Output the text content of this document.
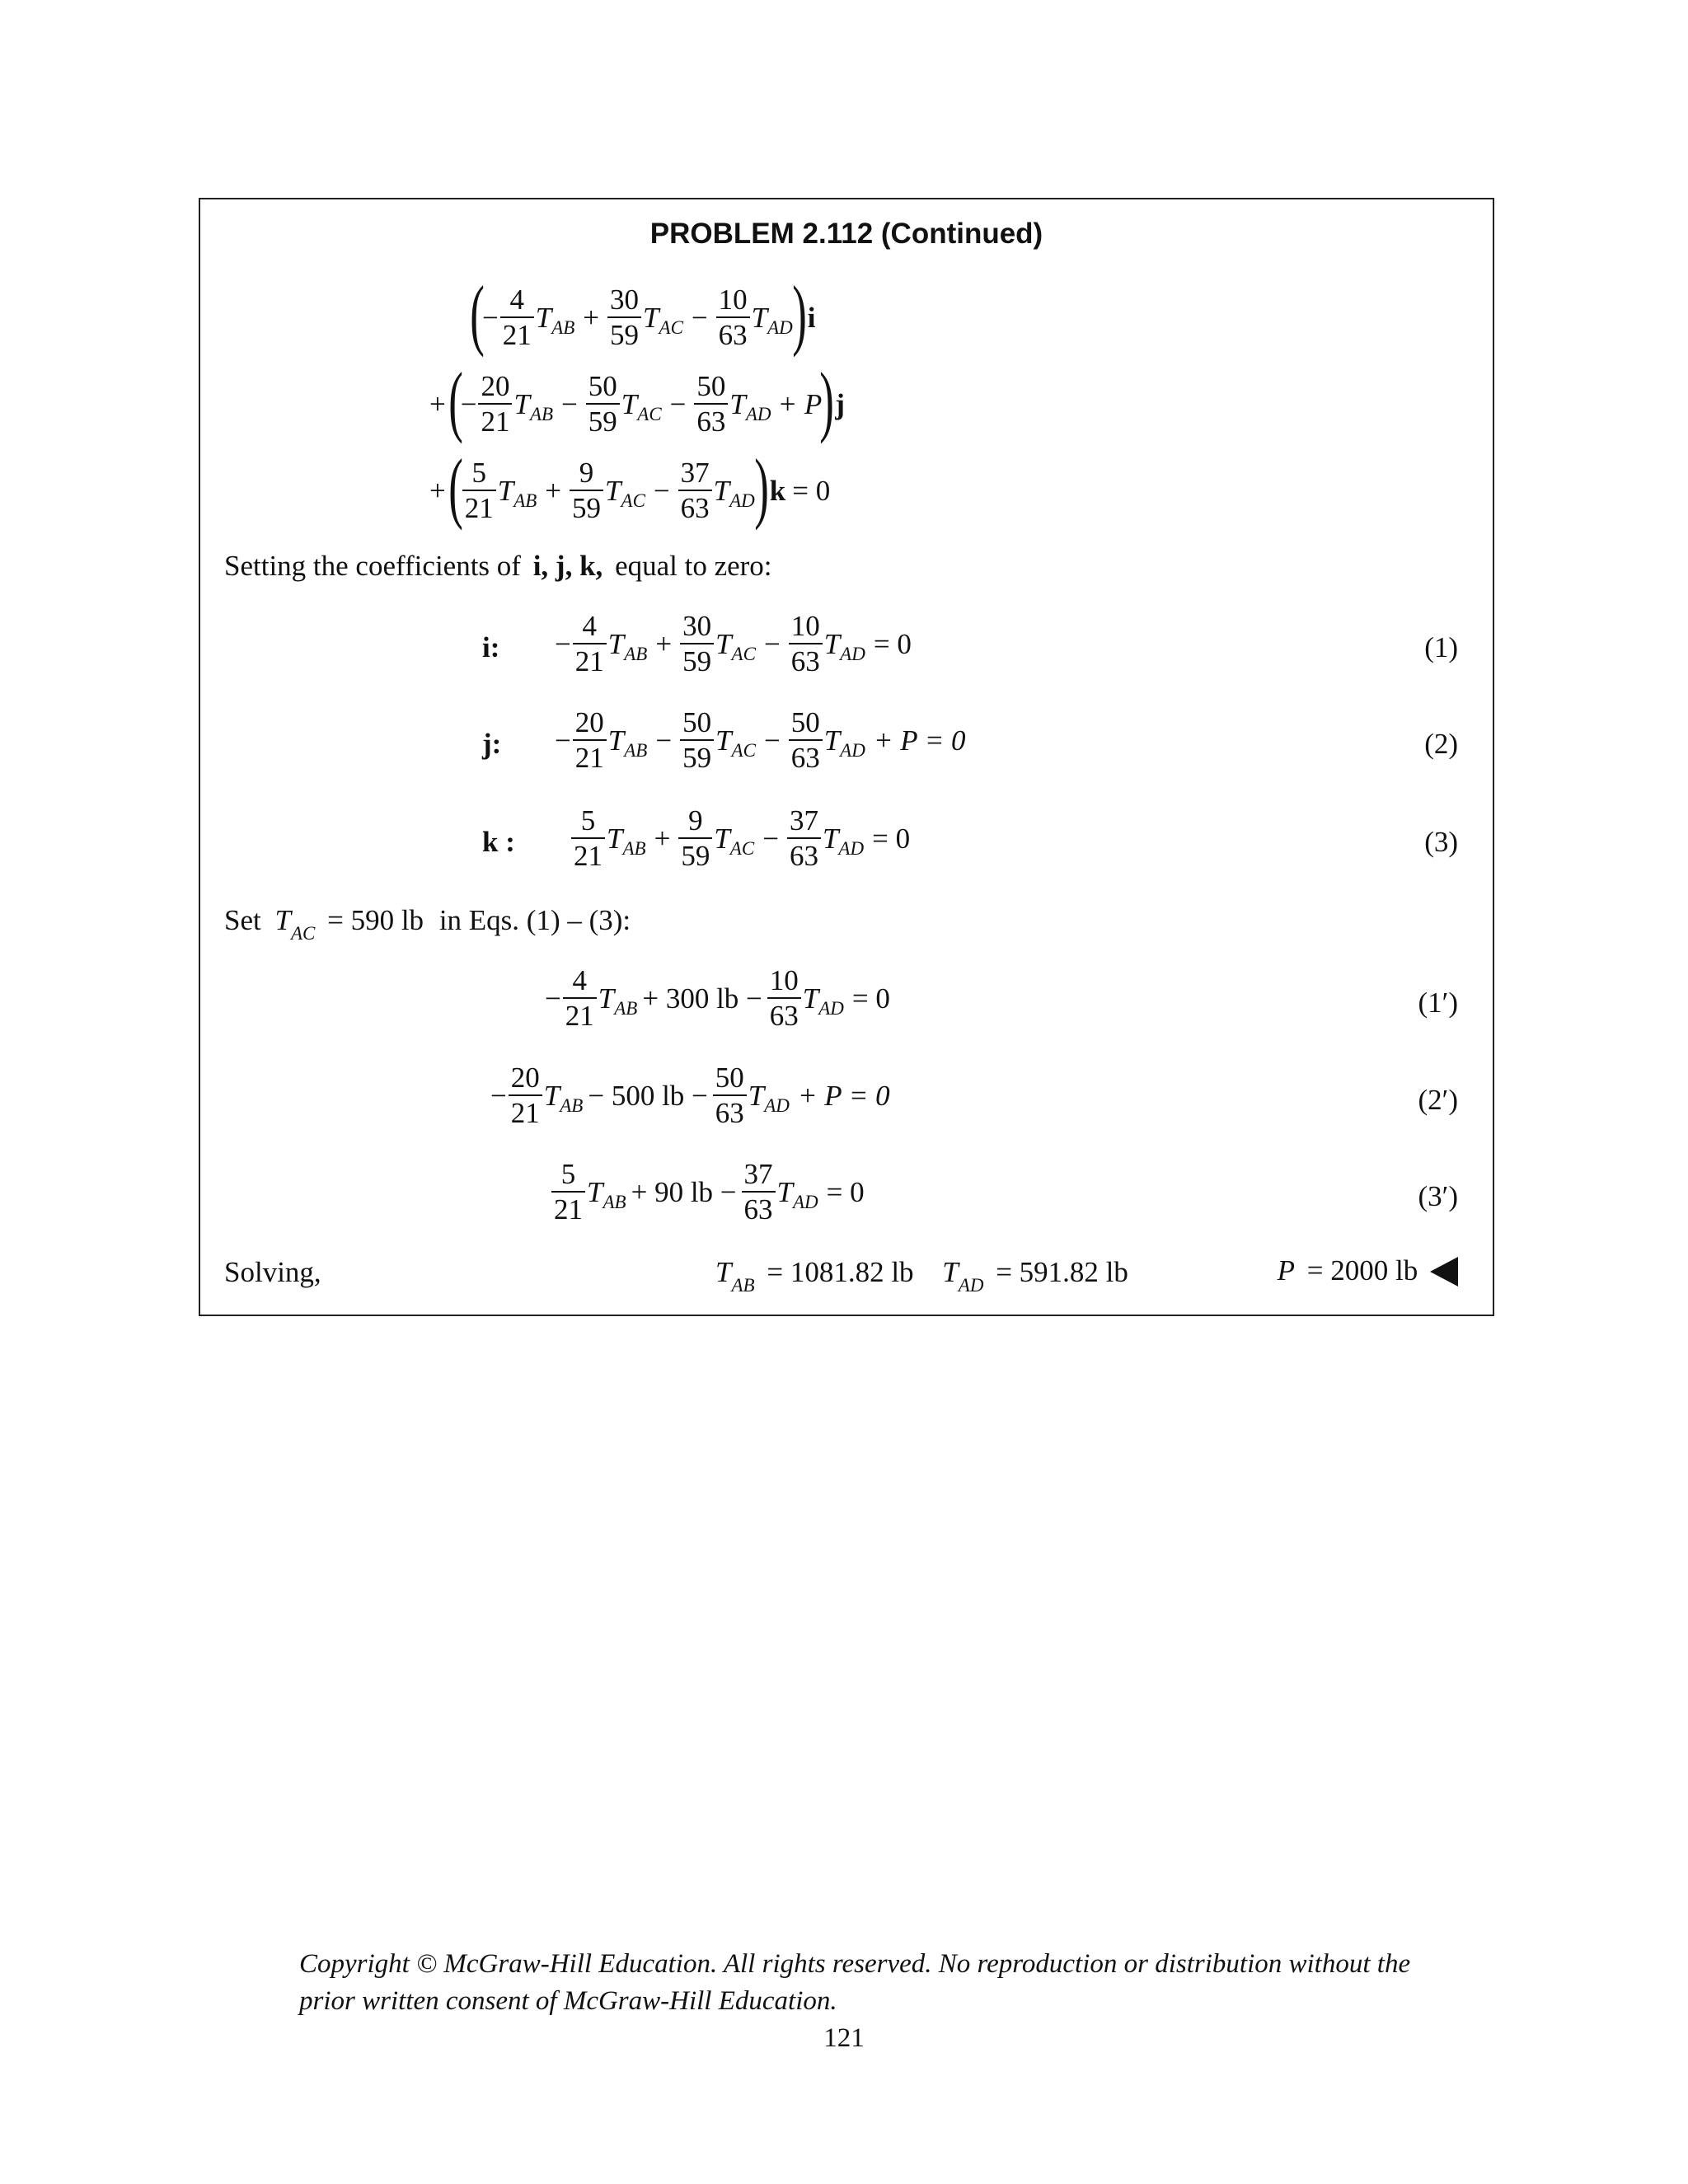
PROBLEM 2.112 (Continued)
(
− $\frac{4}{21}$ T AB + $\frac{30}{59}$ T AC − $\frac{10}{63}$ T AD ) i
+ (
− $\frac{20}{21}$ T AB − $\frac{50}{59}$ T AC − $\frac{50}{63}$ T AD + P
) j
+ ( $\frac{5}{21}$ T AB + $\frac{9}{59}$ T AC − $\frac{37}{63}$ T AD ) k = 0
Setting the coefficients of i, j, k, equal to zero:
i: − $\frac{4}{21}$ T AB + $\frac{30}{59}$ T AC − $\frac{10}{63}$ T AD = 0	(1)
j: − $\frac{20}{21}$ T AB − $\frac{50}{59}$ T AC − $\frac{50}{63}$ T AD + P = 0	(2)
k : $\frac{5}{21}$ T AB + $\frac{9}{59}$ T AC − $\frac{37}{63}$ T AD = 0	(3)
Set $T_{AC} = 590$ lb in Eqs. (1) – (3):
− $\frac{4}{21}$ T AB + 300 lb − $\frac{10}{63}$ T AD = 0	(1′)
− $\frac{20}{21}$ T AB − 500 lb − $\frac{50}{63}$ T AD + P = 0	(2′)
$\frac{5}{21}$ T AB + 90 lb − $\frac{37}{63}$ T AD = 0	(3′)
Solving,	$T_{AB} = 1081.82$ lb $T_{AD} = 591.82$ lb	P = 2000 lb
Copyright © McGraw-Hill Education. All rights reserved. No reproduction or distribution without the prior written consent of McGraw-Hill Education.
121
